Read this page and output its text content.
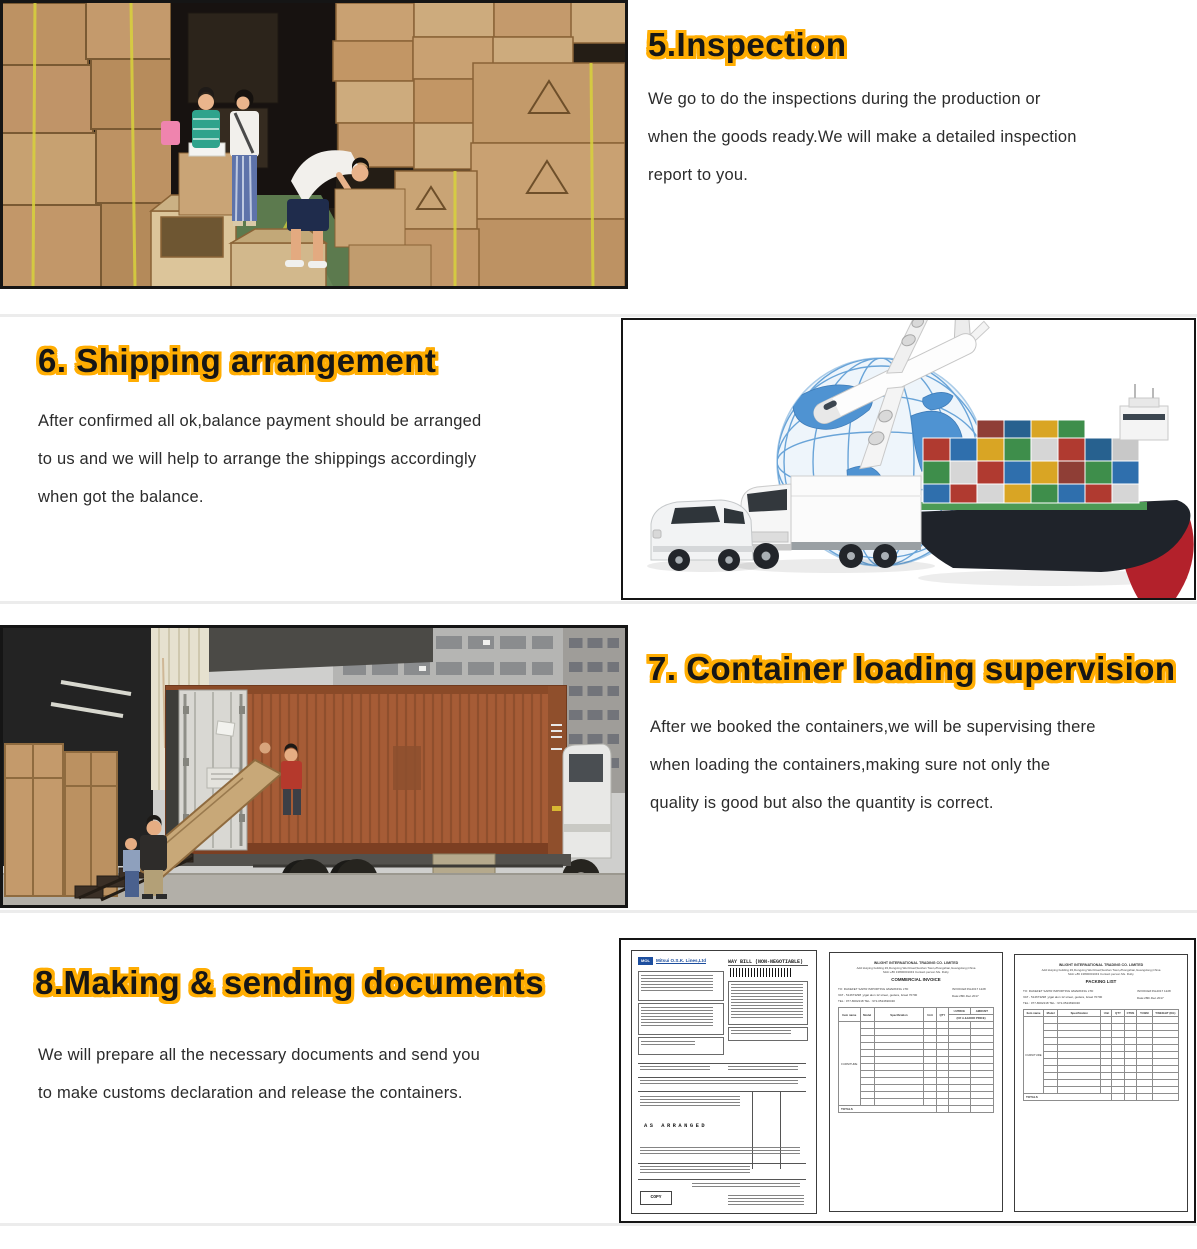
5.Inspection
We go to do the inspections during the production or
when the goods ready.We will make a detailed inspection
report to you.
6. Shipping arrangement
After confirmed all ok,balance payment should be arranged
to us and we will help to arrange the shippings accordingly
when got the balance.
7. Container loading supervision
After we booked the containers,we will be supervising there
when loading the containers,making sure not only the
quality is good but also the quantity is correct.
8.Making & sending documents
We will prepare all the necessary documents and send you
to make customs declaration and release the containers.
MOL	Mitsui O.S.K. Lines,Ltd	WAY BILL (NON-NEGOTIABLE)
AS ARRANGED
COPY
INLIGHT INTERNATIONAL TRADING CO. LIMITED
Add:Huiying building #2,Dongxing Wei Road,Sushan Town,Zhongshan,Guangdong,China
Mob:+86 13800001043 Contact person Ms. Ruby
COMMERCIAL INVOICE
TO: RAKEFET SAPIR IMPORTING &MARKING LTD
VAT - 514673298 ,ylgat alon 12 street, gedera, Israel 70700
TEL : 077-8002218 TEL : 972-0524690430
INVOICE#:INL2017 1228
Date:28th.Dec.2017
Item name	Model	Specification	Unit	QTY	U.PRICE	AMOUNT
					(OF A &GOOD PRICE)	
FURNITURE						

TOTALS						
INLIGHT INTERNATIONAL TRADING CO. LIMITED
Add:Huiying building #2,Dongxing Wei Road,Sushan Town,Zhongshan,Guangdong,China
Mob:+86 13800001043 Contact person Ms. Ruby
PACKING LIST
TO: RAKEFET SAPIR IMPORTING &MARKING LTD
VAT - 514673298 ,ylgat alon 12 street, gedera, Israel 70700
TEL : 077-8002218 TEL : 972-0524690430
INVOICE#:INL2017 1228
Date:28th.Dec.2017
Item name	Model	Specification	Unit	QTY	CTNS	T.CBM	T.WEIGHT (KG)
FURNITURE							

TOTALS							
